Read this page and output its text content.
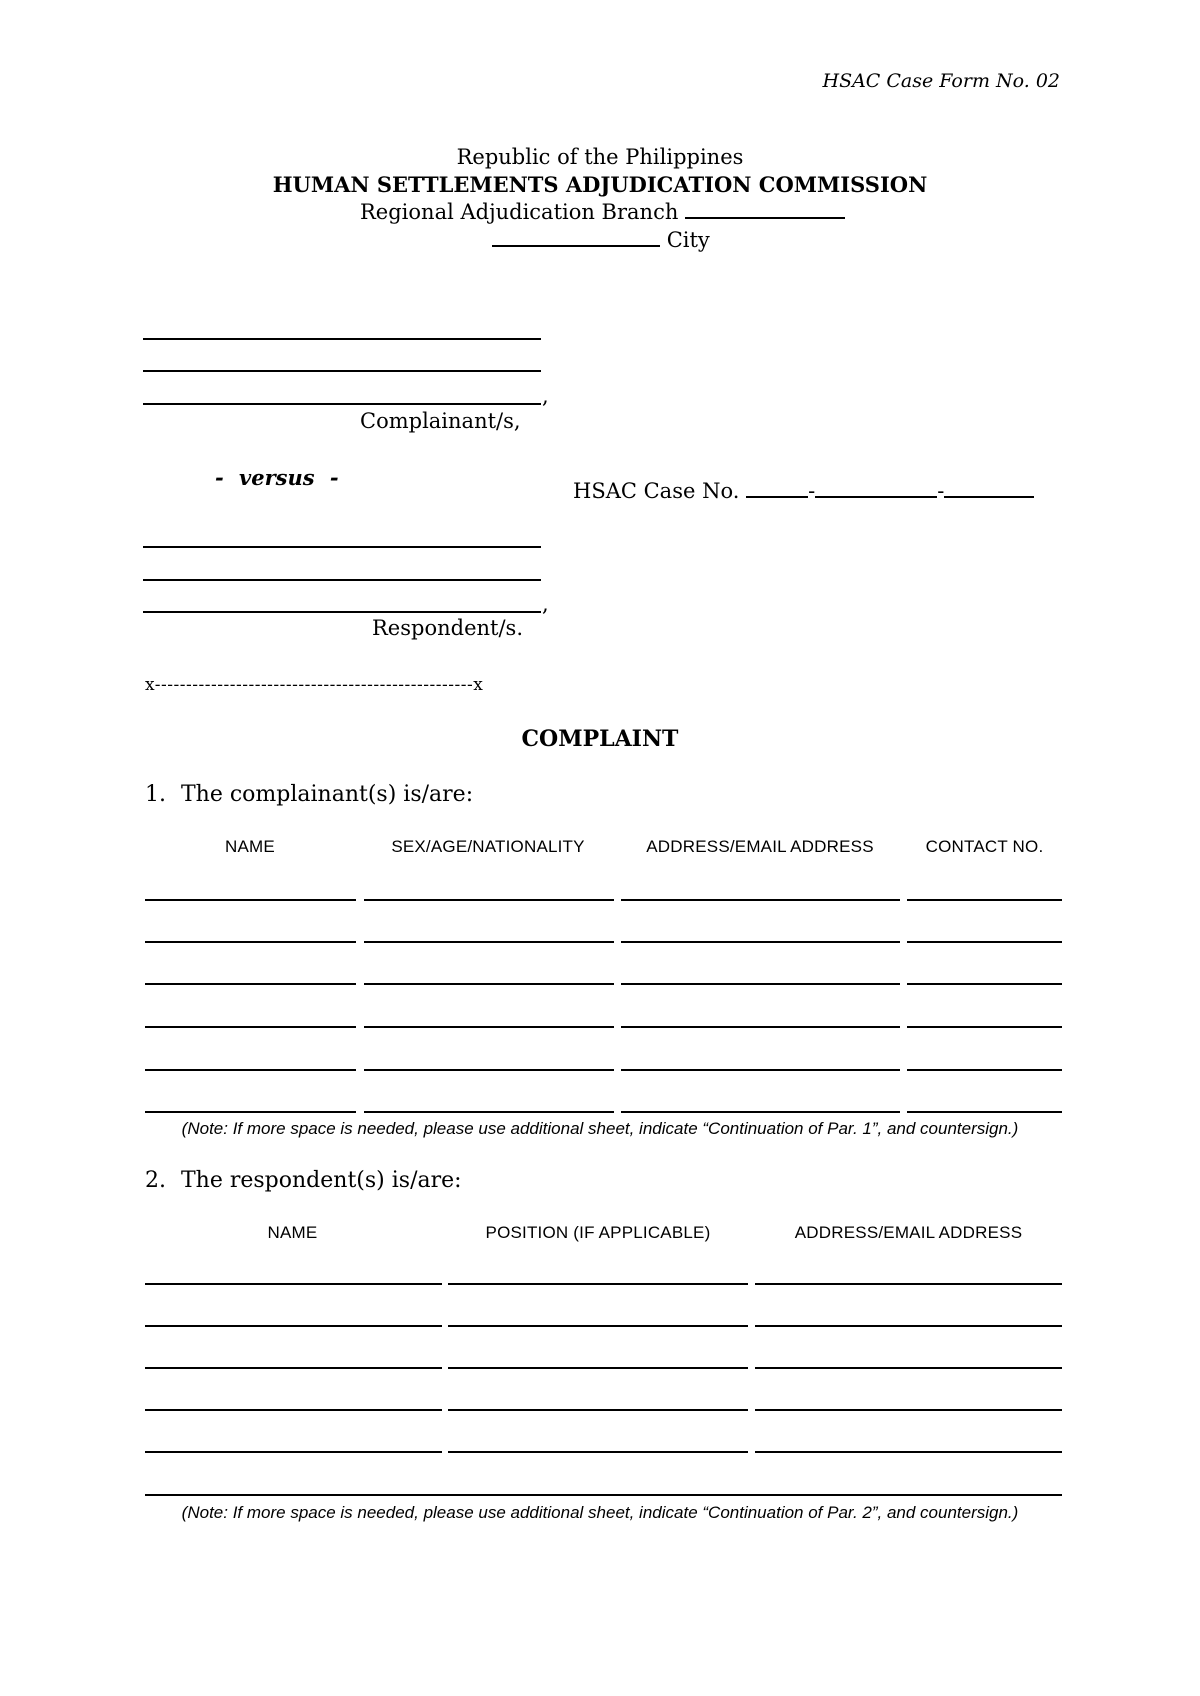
HSAC Case Form No. 02
Republic of the Philippines
HUMAN SETTLEMENTS ADJUDICATION COMMISSION
Regional Adjudication Branch
City
,
Complainant/s,
- versus -
HSAC Case No.	-	-
,
Respondent/s.
x---------------------------------------------------x
COMPLAINT
1. The complainant(s) is/are:
NAME	SEX/AGE/NATIONALITY	ADDRESS/EMAIL ADDRESS	CONTACT NO.
(Note: If more space is needed, please use additional sheet, indicate “Continuation of Par. 1”, and countersign.)
2. The respondent(s) is/are:
NAME	POSITION (IF APPLICABLE)	ADDRESS/EMAIL ADDRESS
(Note: If more space is needed, please use additional sheet, indicate “Continuation of Par. 2”, and countersign.)
